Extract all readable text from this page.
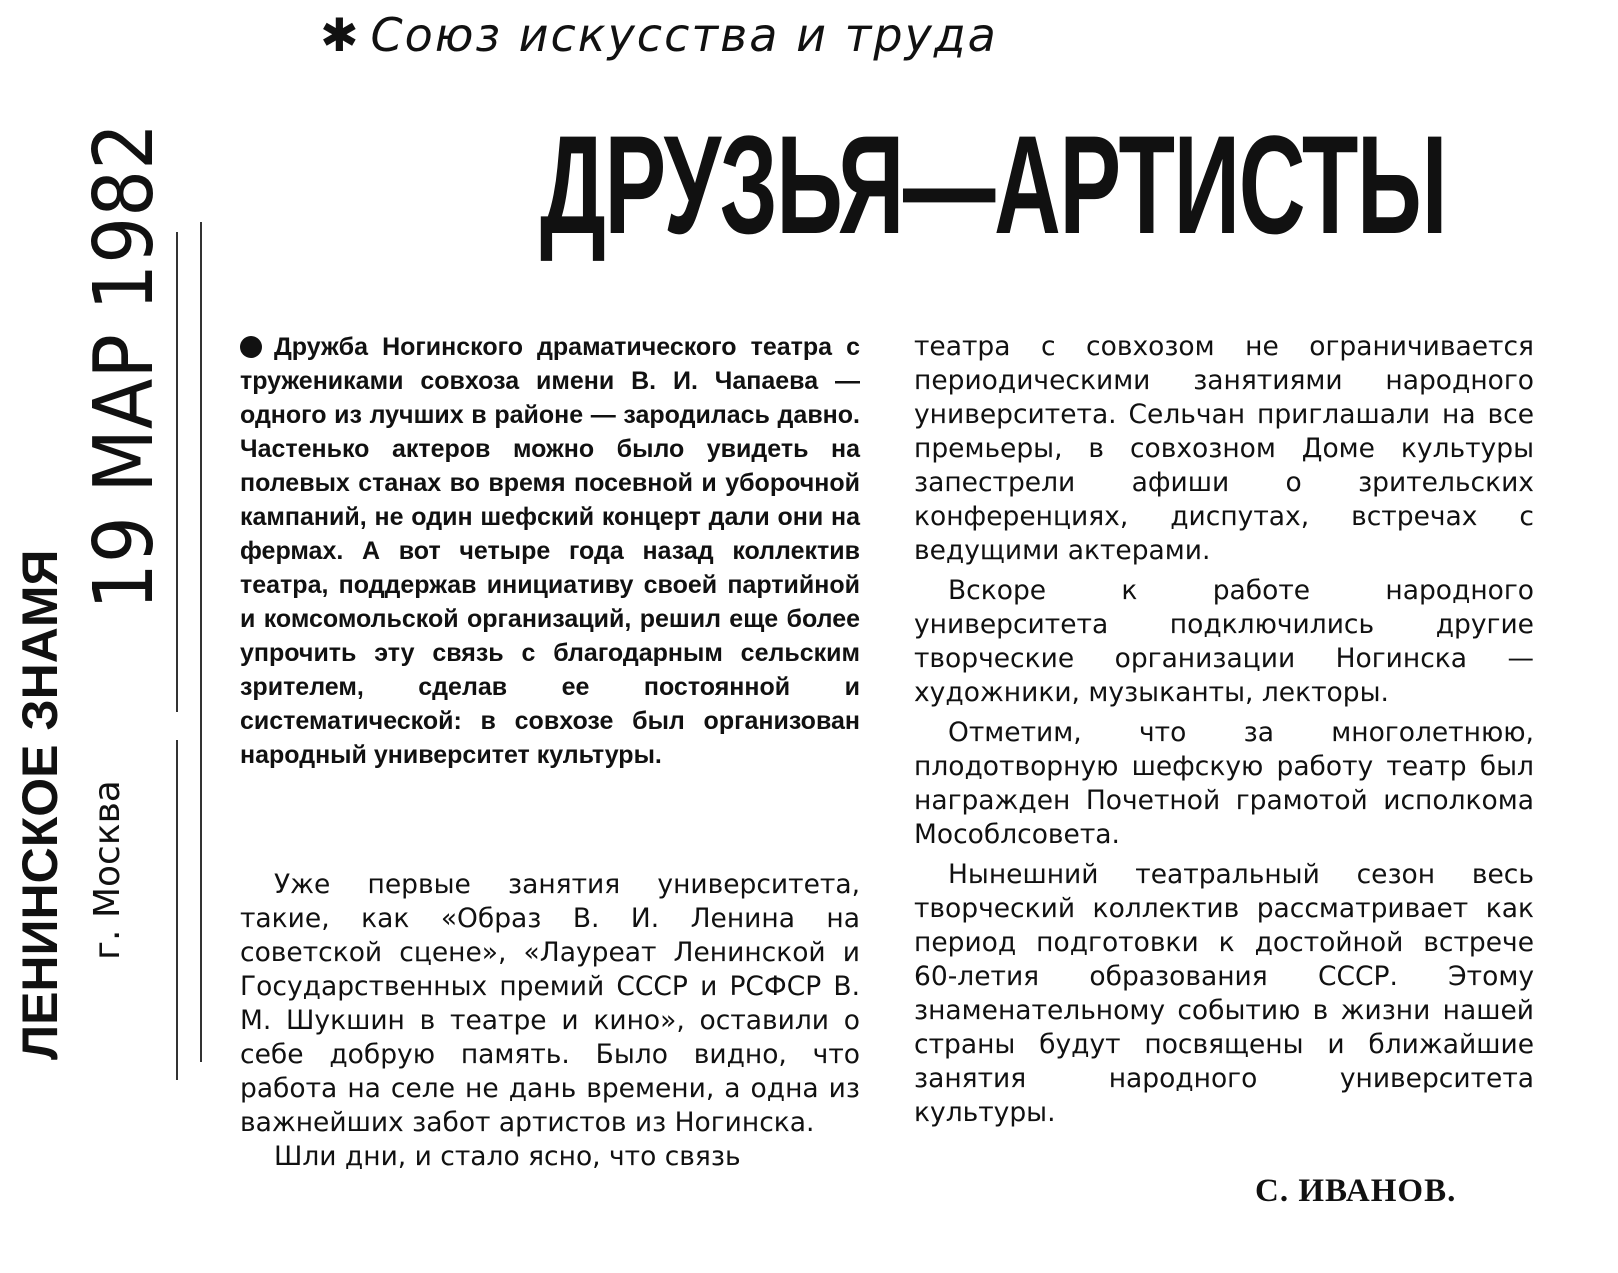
✱ Союз искусства и труда
ДРУЗЬЯ—АРТИСТЫ
19 МАР 1982
ЛЕНИНСКОЕ ЗНАМЯ г. Москва

Дружба Ногинского драматического театра с тружениками совхоза имени В. И. Чапаева — одного из лучших в районе — зародилась давно. Частенько актеров можно было увидеть на полевых станах во время посевной и уборочной кампаний, не один шефский концерт дали они на фермах. А вот четыре года назад коллектив театра, поддержав инициативу своей партийной и комсомольской организаций, решил еще более упрочить эту связь с благодарным сельским зрителем, сделав ее постоянной и систематической: в совхозе был организован народный университет культуры.

Уже первые занятия университета, такие, как «Образ В. И. Ленина на советской сцене», «Лауреат Ленинской и Государственных премий СССР и РСФСР В. М. Шукшин в театре и кино», оставили о себе добрую память. Было видно, что работа на селе не дань времени, а одна из важнейших забот артистов из Ногинска.

Шли дни, и стало ясно, что связь

театра с совхозом не ограничивается периодическими занятиями народного университета. Сельчан приглашали на все премьеры, в совхозном Доме культуры запестрели афиши о зрительских конференциях, диспутах, встречах с ведущими актерами.

Вскоре к работе народного университета подключились другие творческие организации Ногинска — художники, музыканты, лекторы.

Отметим, что за многолетнюю, плодотворную шефскую работу театр был награжден Почетной грамотой исполкома Мособлсовета.

Нынешний театральный сезон весь творческий коллектив рассматривает как период подготовки к достойной встрече 60-летия образования СССР. Этому знаменательному событию в жизни нашей страны будут посвящены и ближайшие занятия народного университета культуры.

С. ИВАНОВ.
